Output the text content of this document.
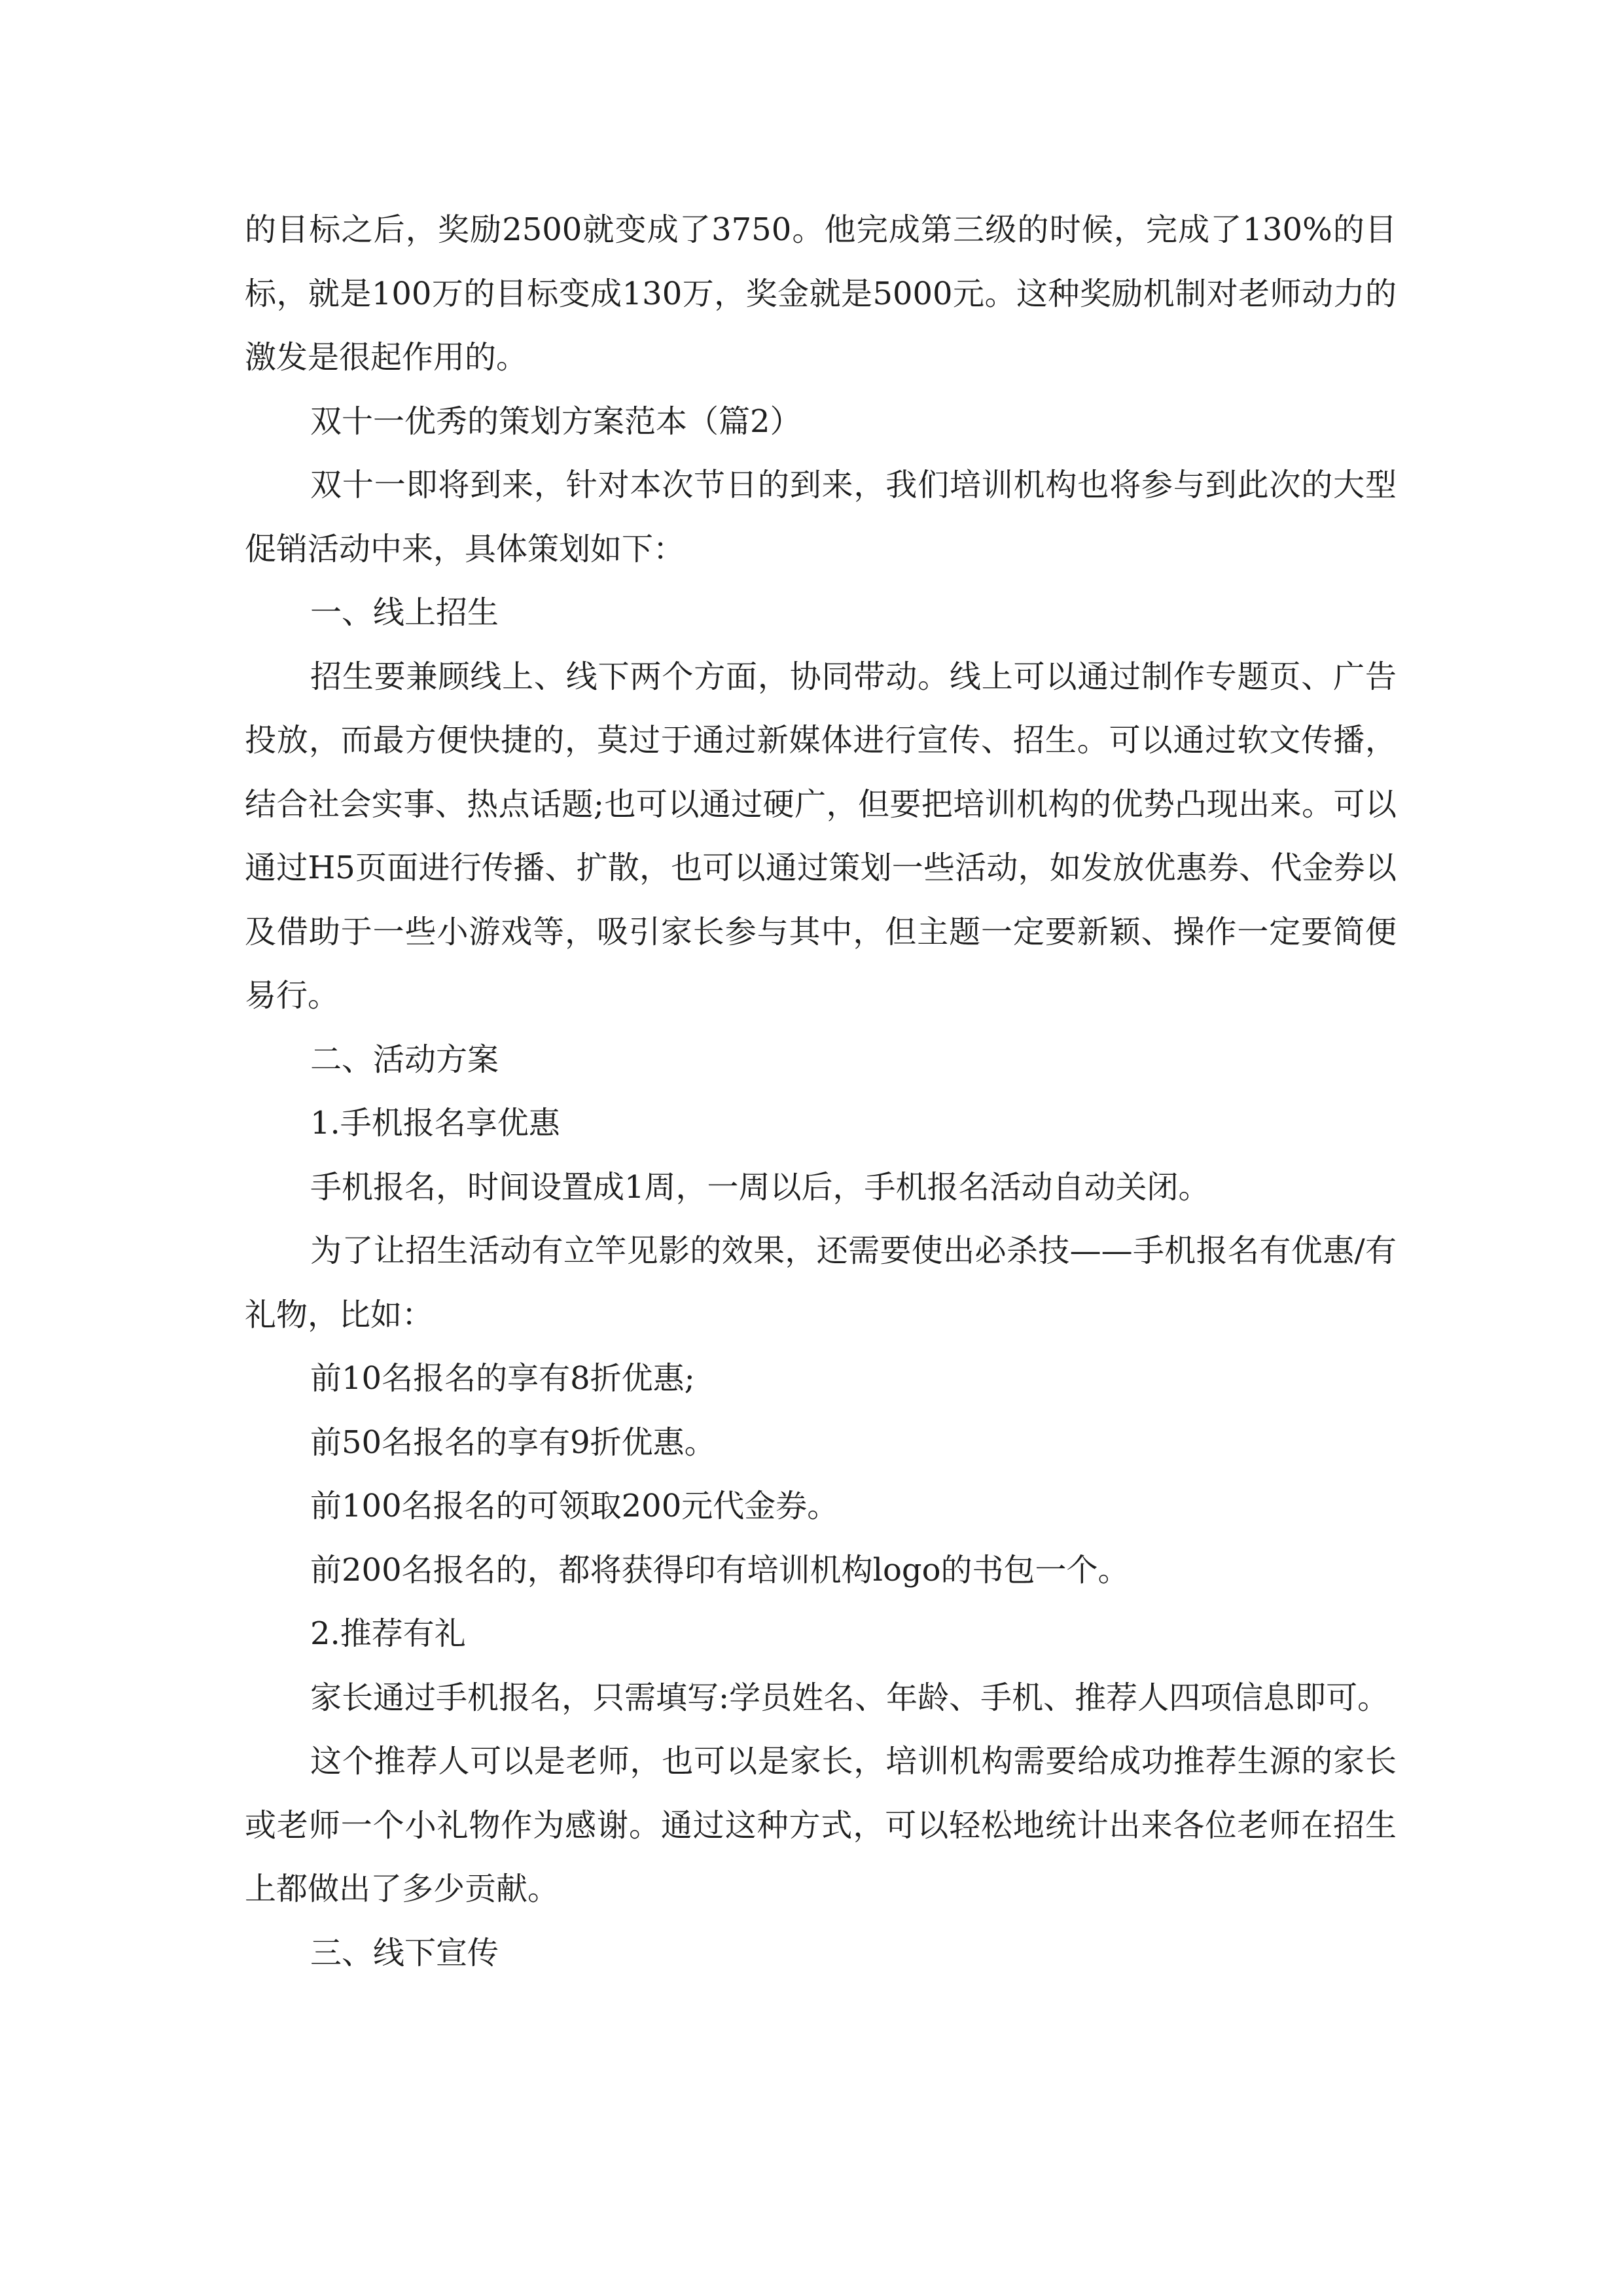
的目标之后，奖励2500就变成了3750。他完成第三级的时候，完成了130%的目标，就是100万的目标变成130万，奖金就是5000元。这种奖励机制对老师动力的激发是很起作用的。

双十一优秀的策划方案范本（篇2）

双十一即将到来，针对本次节日的到来，我们培训机构也将参与到此次的大型促销活动中来，具体策划如下：

一、线上招生

招生要兼顾线上、线下两个方面，协同带动。线上可以通过制作专题页、广告投放，而最方便快捷的，莫过于通过新媒体进行宣传、招生。可以通过软文传播，结合社会实事、热点话题;也可以通过硬广，但要把培训机构的优势凸现出来。可以通过H5页面进行传播、扩散，也可以通过策划一些活动，如发放优惠券、代金券以及借助于一些小游戏等，吸引家长参与其中，但主题一定要新颖、操作一定要简便易行。

二、活动方案

1.手机报名享优惠

手机报名，时间设置成1周，一周以后，手机报名活动自动关闭。

为了让招生活动有立竿见影的效果，还需要使出必杀技——手机报名有优惠/有礼物，比如：

前10名报名的享有8折优惠;

前50名报名的享有9折优惠。

前100名报名的可领取200元代金券。

前200名报名的，都将获得印有培训机构logo的书包一个。

2.推荐有礼

家长通过手机报名，只需填写:学员姓名、年龄、手机、推荐人四项信息即可。

这个推荐人可以是老师，也可以是家长，培训机构需要给成功推荐生源的家长或老师一个小礼物作为感谢。通过这种方式，可以轻松地统计出来各位老师在招生上都做出了多少贡献。

三、线下宣传
